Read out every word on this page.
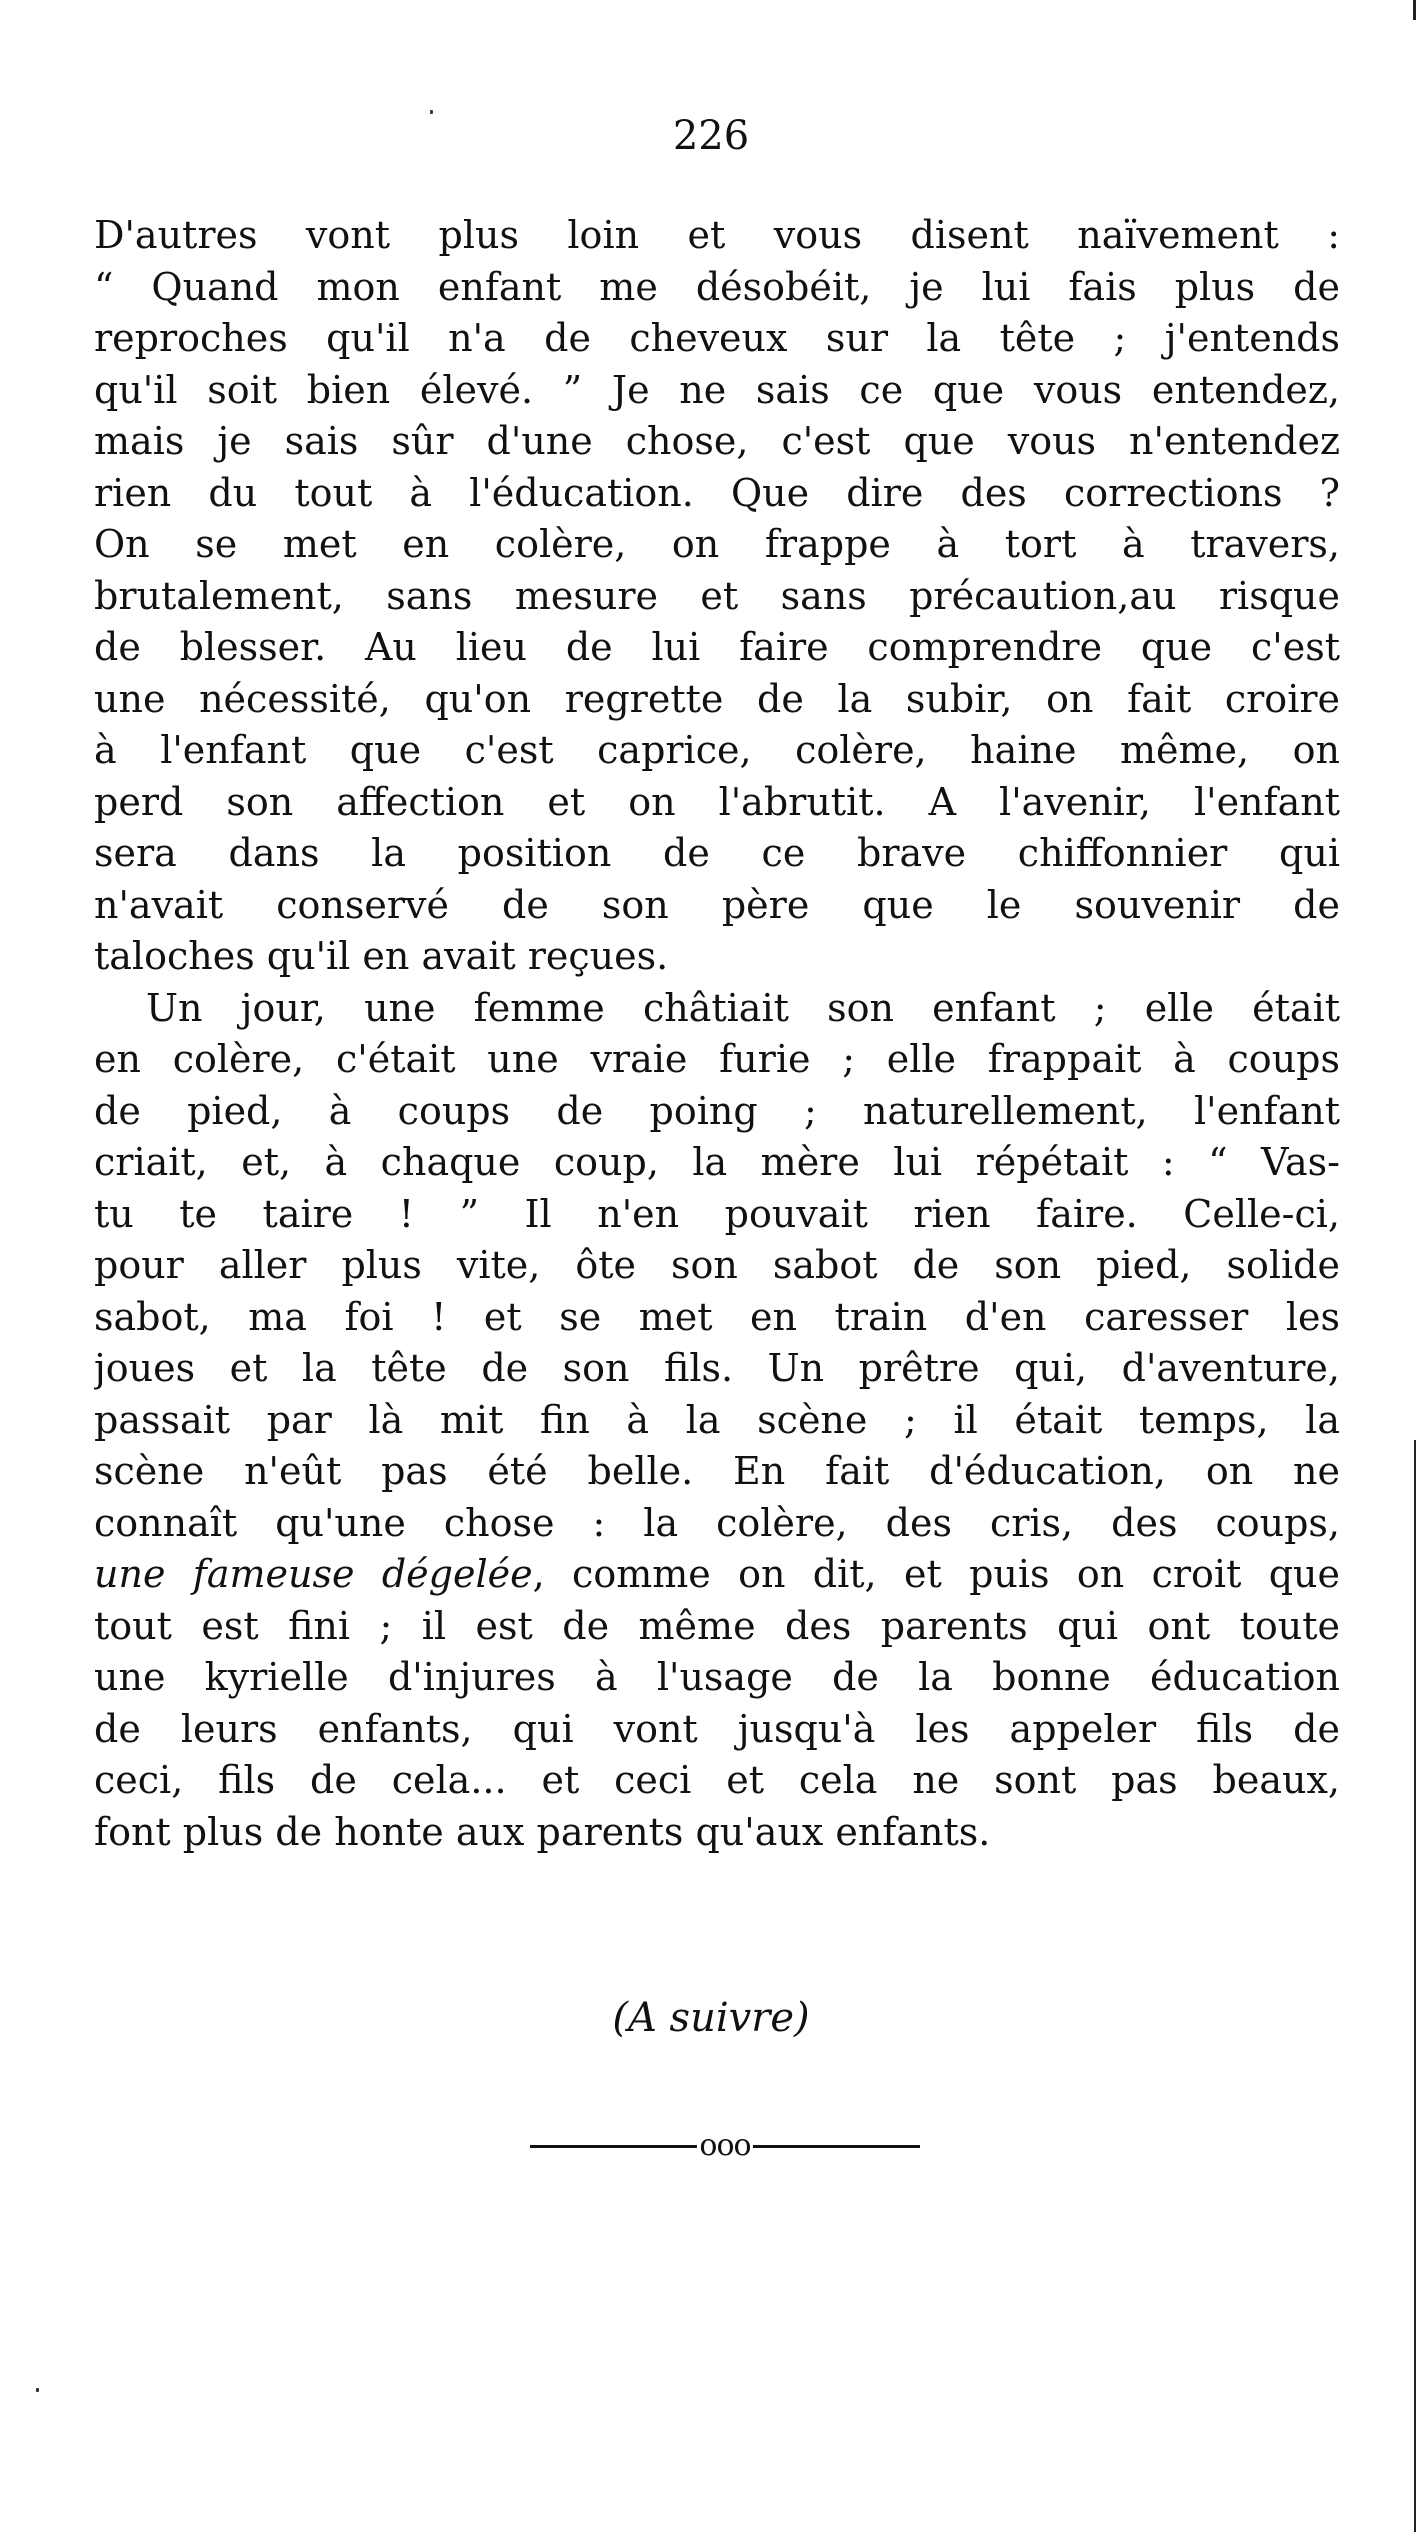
226
D'autres vont plus loin et vous disent naïvement :
“ Quand mon enfant me désobéit, je lui fais plus de
reproches qu'il n'a de cheveux sur la tête ; j'entends
qu'il soit bien élevé. ” Je ne sais ce que vous entendez,
mais je sais sûr d'une chose, c'est que vous n'entendez
rien du tout à l'éducation. Que dire des corrections ?
On se met en colère, on frappe à tort à travers,
brutalement, sans mesure et sans précaution,au risque
de blesser. Au lieu de lui faire comprendre que c'est
une nécessité, qu'on regrette de la subir, on fait croire
à l'enfant que c'est caprice, colère, haine même, on
perd son affection et on l'abrutit. A l'avenir, l'enfant
sera dans la position de ce brave chiffonnier qui
n'avait conservé de son père que le souvenir de
taloches qu'il en avait reçues.
Un jour, une femme châtiait son enfant ; elle était
en colère, c'était une vraie furie ; elle frappait à coups
de pied, à coups de poing ; naturellement, l'enfant
criait, et, à chaque coup, la mère lui répétait : “ Vas-
tu te taire ! ” Il n'en pouvait rien faire. Celle-ci,
pour aller plus vite, ôte son sabot de son pied, solide
sabot, ma foi ! et se met en train d'en caresser les
joues et la tête de son fils. Un prêtre qui, d'aventure,
passait par là mit fin à la scène ; il était temps, la
scène n'eût pas été belle. En fait d'éducation, on ne
connaît qu'une chose : la colère, des cris, des coups,
une fameuse dégelée, comme on dit, et puis on croit que
tout est fini ; il est de même des parents qui ont toute
une kyrielle d'injures à l'usage de la bonne éducation
de leurs enfants, qui vont jusqu'à les appeler fils de
ceci, fils de cela... et ceci et cela ne sont pas beaux,
font plus de honte aux parents qu'aux enfants.
(A suivre)
ooo
